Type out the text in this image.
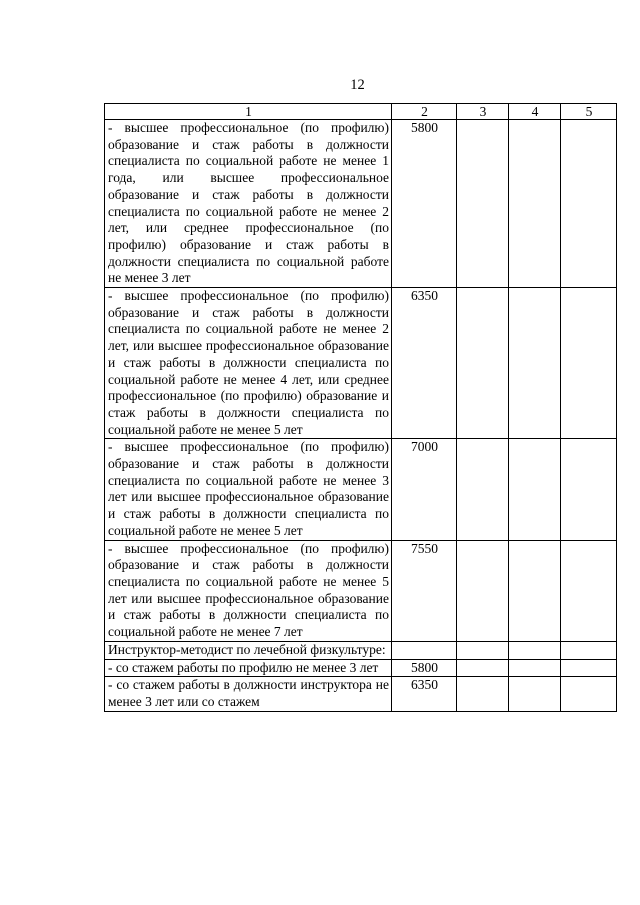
12
1	2	3	4	5
- высшее профессиональное (по профилю) образование и стаж работы в должности специалиста по социальной работе не менее 1 года, или высшее профессиональное образование и стаж работы в должности специалиста по социальной работе не менее 2 лет, или среднее профессиональное (по профилю) образование и стаж работы в должности специалиста по социальной работе не менее 3 лет	5800			
- высшее профессиональное (по профилю) образование и стаж работы в должности специалиста по социальной работе не менее 2 лет, или высшее профессиональное образование и стаж работы в должности специалиста по социальной работе не менее 4 лет, или среднее профессиональное (по профилю) образование и стаж работы в должности специалиста по социальной работе не менее 5 лет	6350			
- высшее профессиональное (по профилю) образование и стаж работы в должности специалиста по социальной работе не менее 3 лет или высшее профессиональное образование и стаж работы в должности специалиста по социальной работе не менее 5 лет	7000			
- высшее профессиональное (по профилю) образование и стаж работы в должности специалиста по социальной работе не менее 5 лет или высшее профессиональное образование и стаж работы в должности специалиста по социальной работе не менее 7 лет	7550			
Инструктор-методист по лечебной физкультуре:				
- со стажем работы по профилю не менее 3 лет	5800			
- со стажем работы в должности инструктора не менее 3 лет или со стажем	6350			
